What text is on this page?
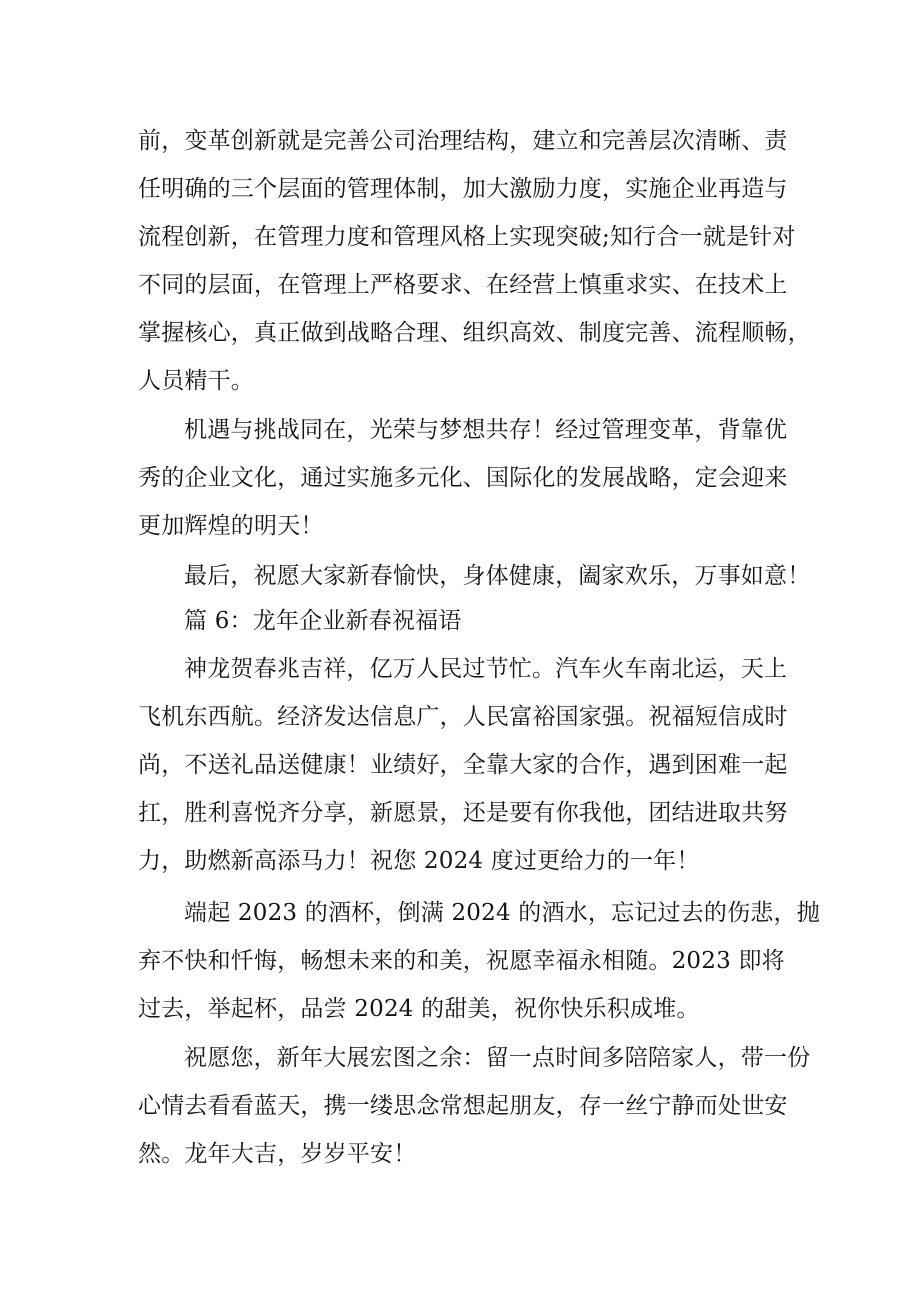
前，变革创新就是完善公司治理结构，建立和完善层次清晰、责
任明确的三个层面的管理体制，加大激励力度，实施企业再造与
流程创新，在管理力度和管理风格上实现突破;知行合一就是针对
不同的层面，在管理上严格要求、在经营上慎重求实、在技术上
掌握核心，真正做到战略合理、组织高效、制度完善、流程顺畅，
人员精干。
机遇与挑战同在，光荣与梦想共存！经过管理变革，背靠优
秀的企业文化，通过实施多元化、国际化的发展战略，定会迎来
更加辉煌的明天！
最后，祝愿大家新春愉快，身体健康，阖家欢乐，万事如意！
篇 6：龙年企业新春祝福语
神龙贺春兆吉祥，亿万人民过节忙。汽车火车南北运，天上
飞机东西航。经济发达信息广，人民富裕国家强。祝福短信成时
尚，不送礼品送健康！业绩好，全靠大家的合作，遇到困难一起
扛，胜利喜悦齐分享，新愿景，还是要有你我他，团结进取共努
力，助燃新高添马力！祝您 2024 度过更给力的一年！
端起 2023 的酒杯，倒满 2024 的酒水，忘记过去的伤悲，抛
弃不快和忏悔，畅想未来的和美，祝愿幸福永相随。2023 即将
过去，举起杯，品尝 2024 的甜美，祝你快乐积成堆。
祝愿您，新年大展宏图之余：留一点时间多陪陪家人，带一份
心情去看看蓝天，携一缕思念常想起朋友，存一丝宁静而处世安
然。龙年大吉，岁岁平安！
